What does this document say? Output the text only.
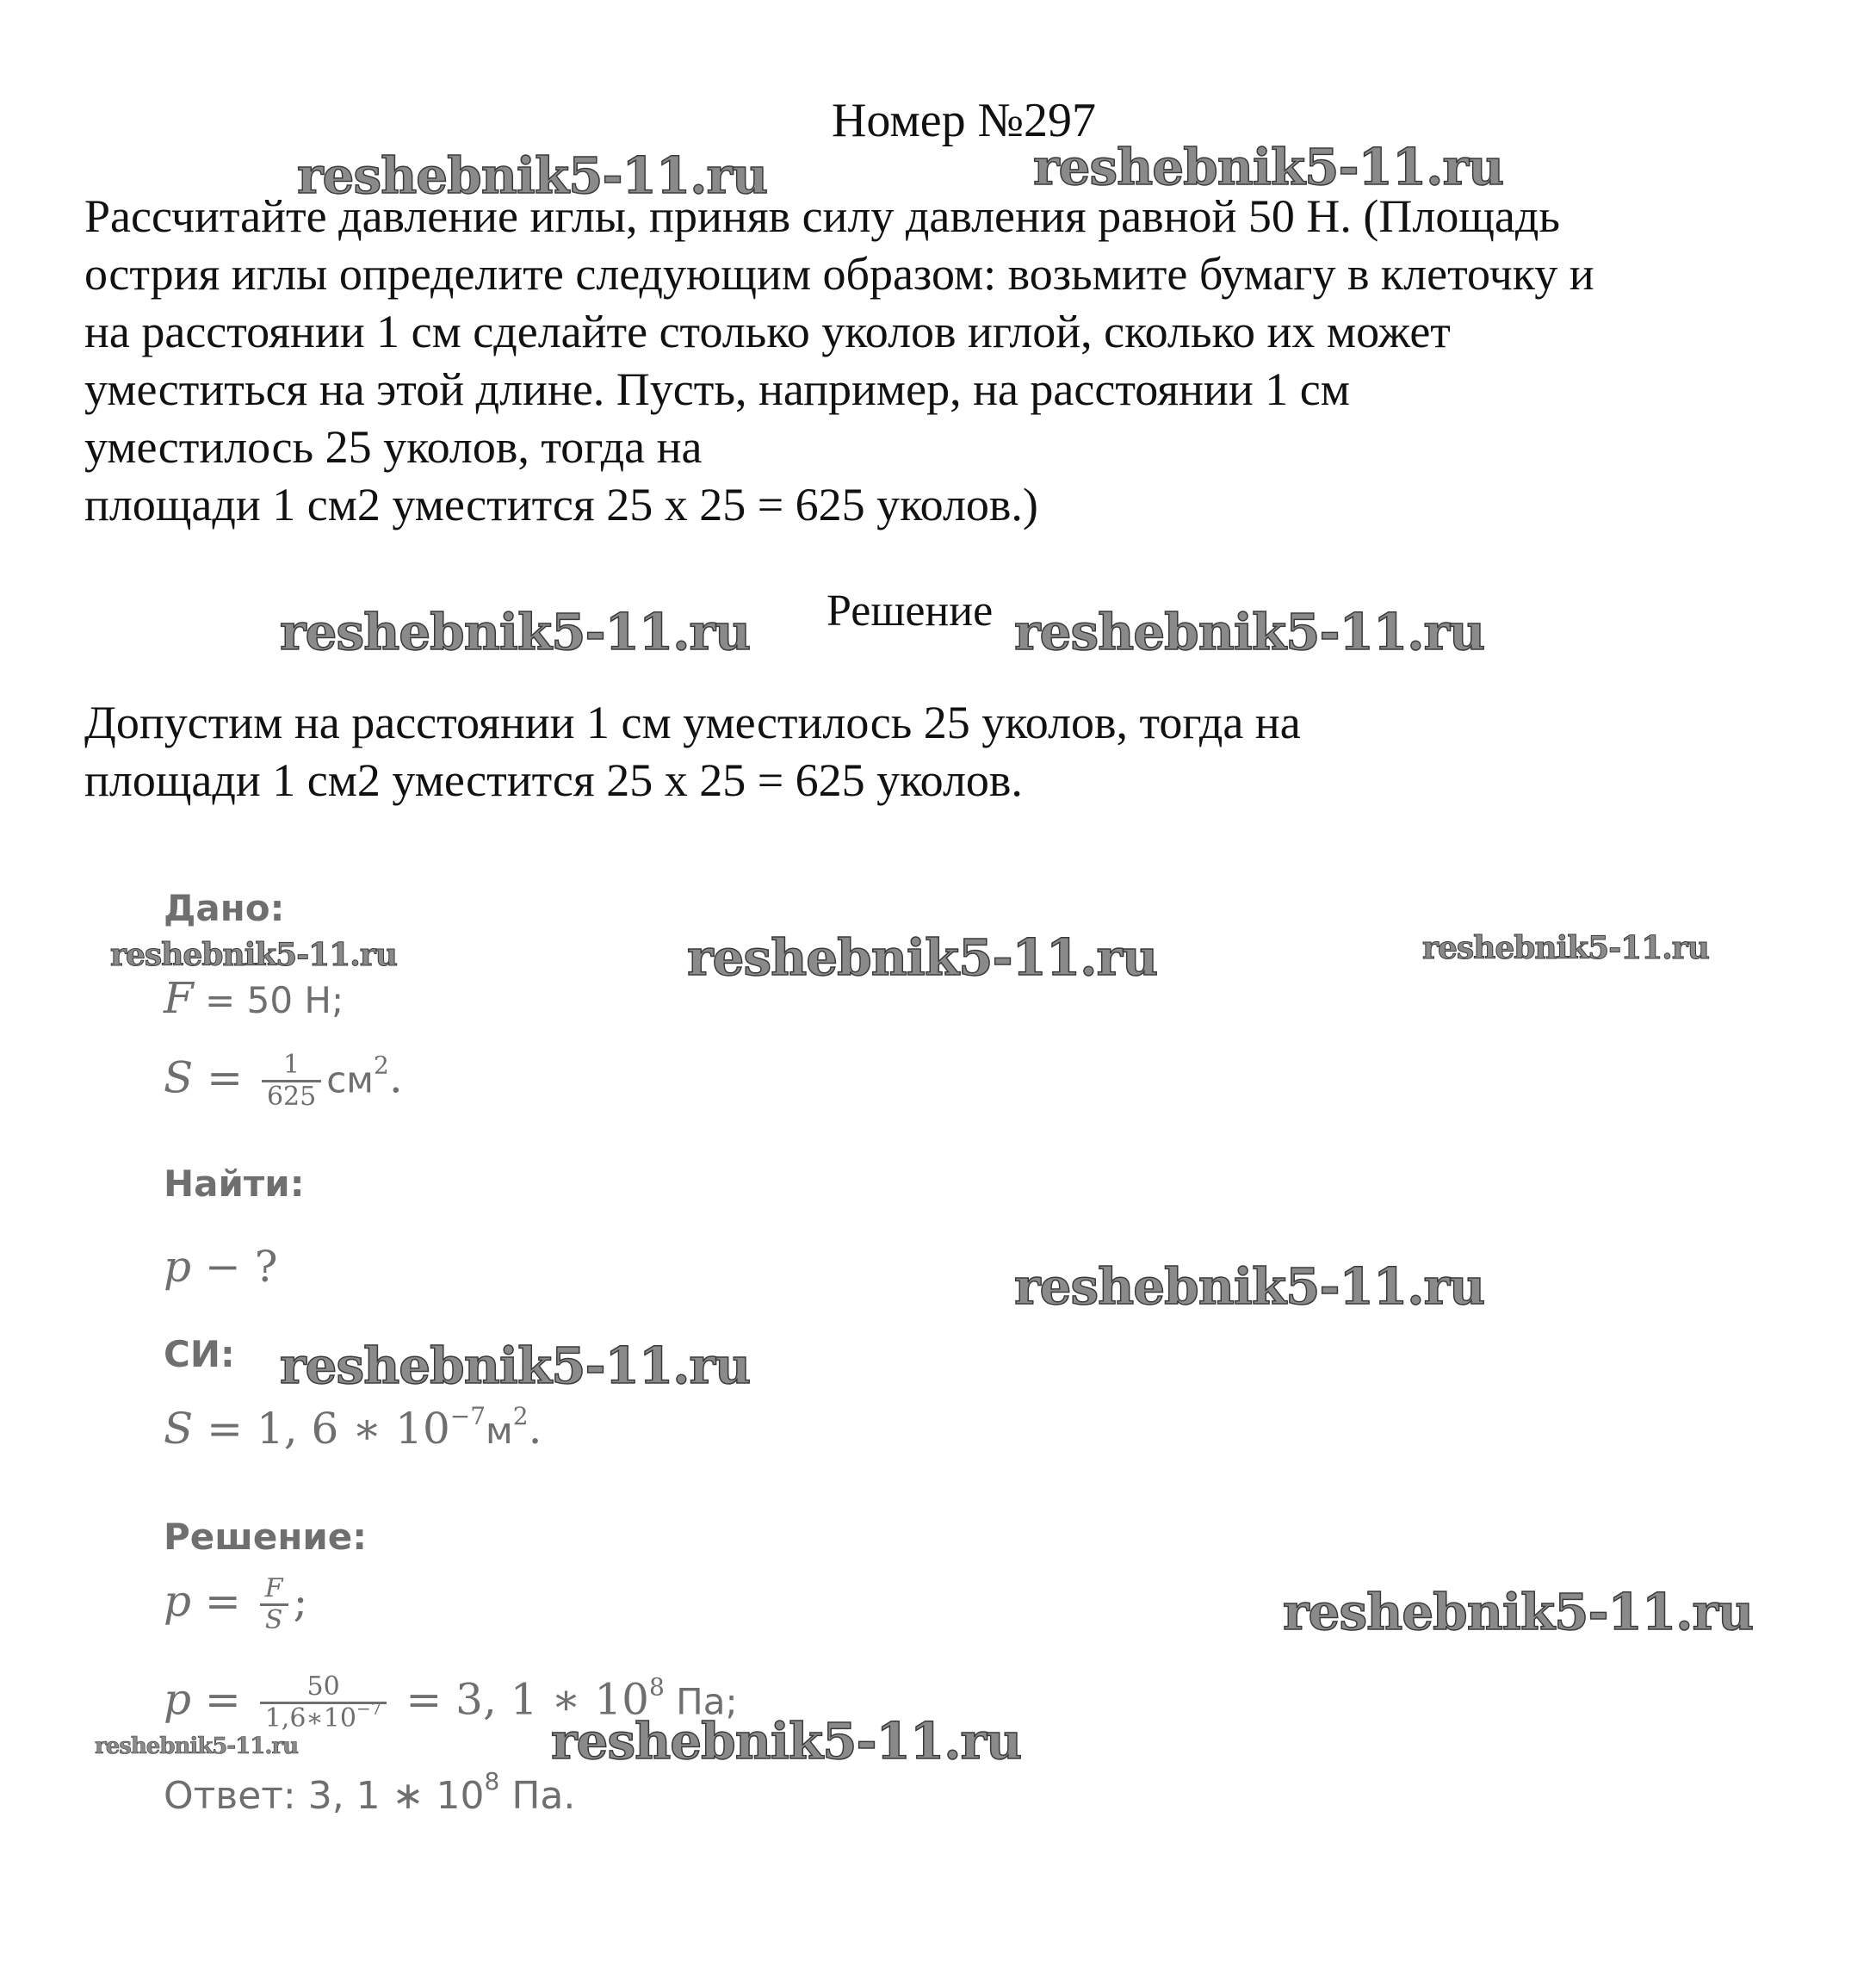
Номер №297
Рассчитайте давление иглы, приняв силу давления равной 50 Н. (Площадь
острия иглы определите следующим образом: возьмите бумагу в клеточку и
на расстоянии 1 см сделайте столько уколов иглой, сколько их может
уместиться на этой длине. Пусть, например, на расстоянии 1 см
уместилось 25 уколов, тогда на
площади 1 см2 уместится 25 х 25 = 625 уколов.)
Решение
Допустим на расстоянии 1 см уместилось 25 уколов, тогда на
площади 1 см2 уместится 25 х 25 = 625 уколов.
Дано:
F = 50 Н;
$S = \frac{1}{625} см^2$.
Найти:
p − ?
СИ:
S = 1, 6 ∗ $10^{-7}м^2$.
Решение:
$p = \frac{F}{S}$ ;
$p = \frac{50}{1,6∗10^{-7}} = 3$, 1 ∗ $10^8$ Па;
Ответ: 3, 1 ∗ $10^8$ Па.
reshebnik5-11.ru	reshebnik5-11.ru
reshebnik5-11.ru	reshebnik5-11.ru
reshebnik5-11.ru	reshebnik5-11.ru	reshebnik5-11.ru
reshebnik5-11.ru
reshebnik5-11.ru
reshebnik5-11.ru
reshebnik5-11.ru
reshebnik5-11.ru
